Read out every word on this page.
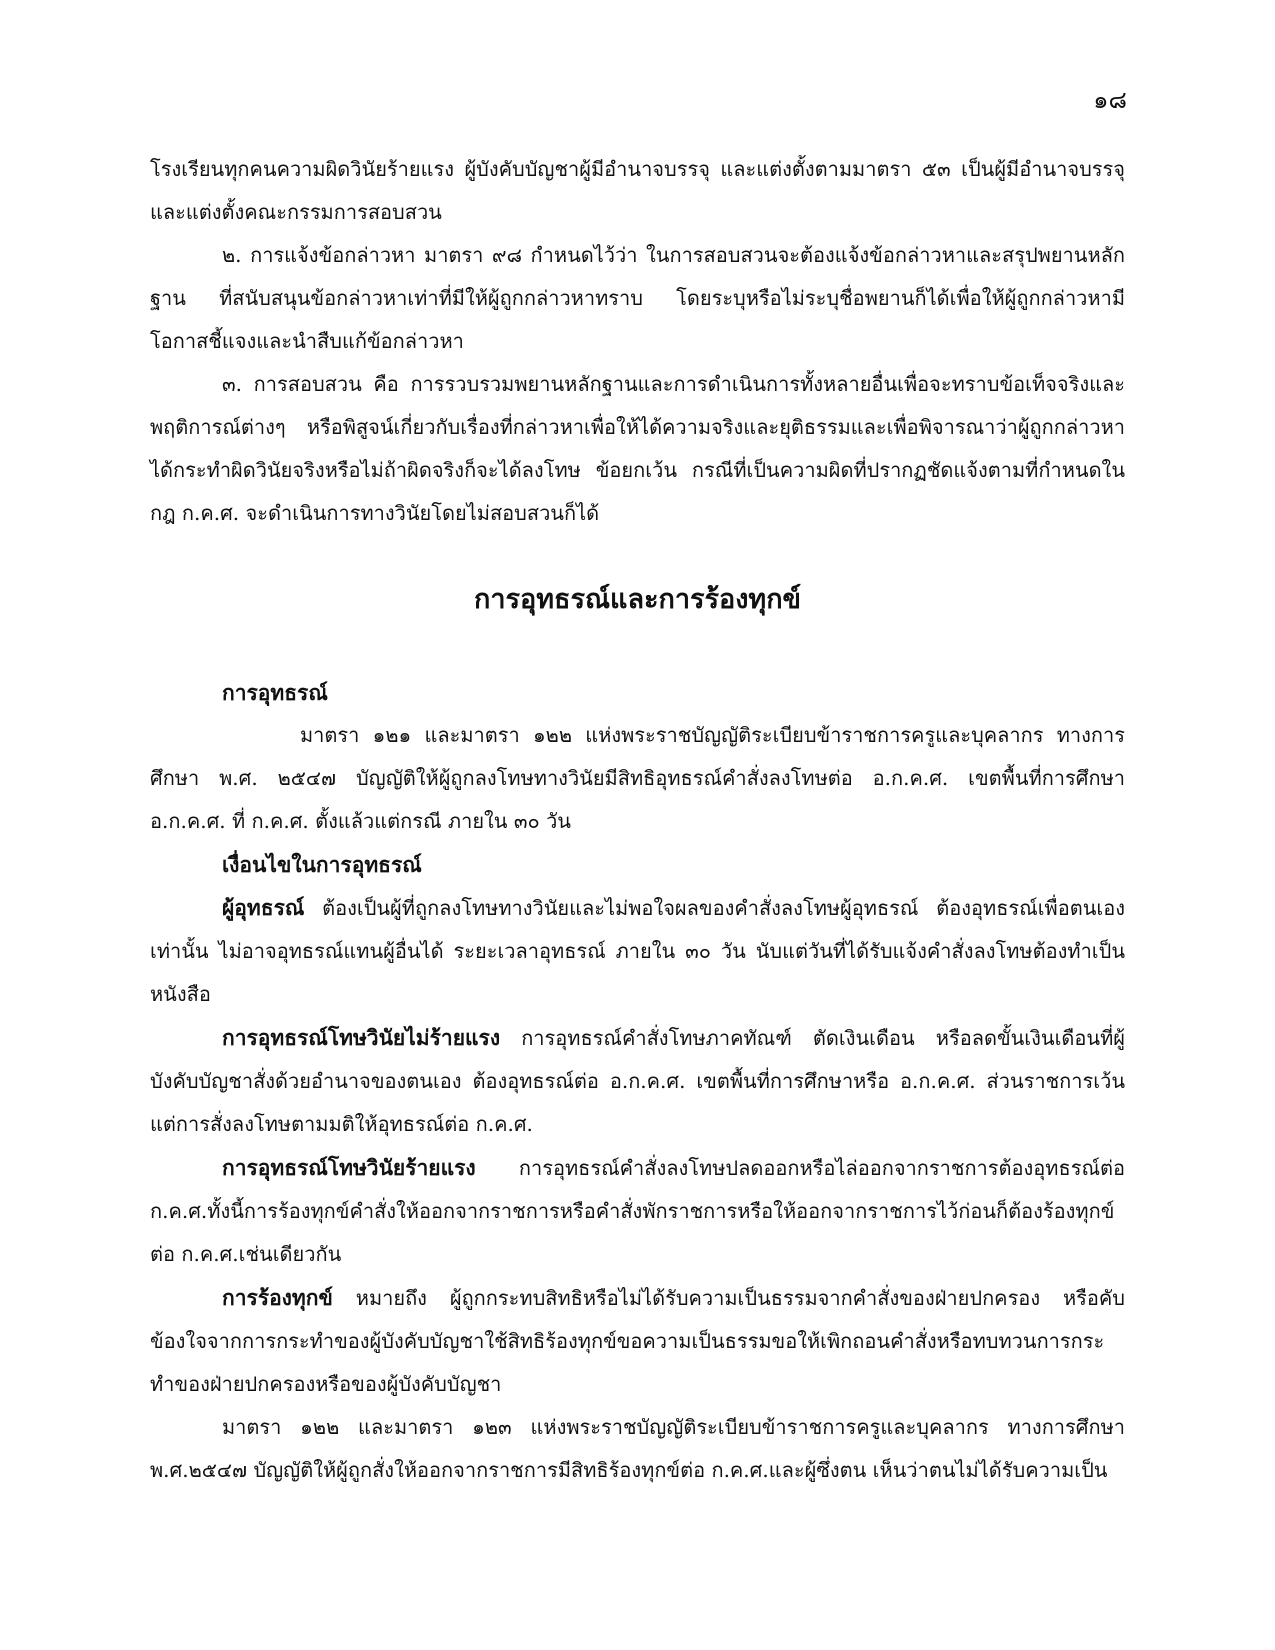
๑๘

โรงเรียนทุกคนความผิดวินัยร้ายแรง ผู้บังคับบัญชาผู้มีอำนาจบรรจุ และแต่งตั้งตามมาตรา ๕๓ เป็นผู้มีอำนาจบรรจุและแต่งตั้งคณะกรรมการสอบสวน

๒. การแจ้งข้อกล่าวหา มาตรา ๙๘ กำหนดไว้ว่า ในการสอบสวนจะต้องแจ้งข้อกล่าวหาและสรุปพยานหลักฐาน ที่สนับสนุนข้อกล่าวหาเท่าที่มีให้ผู้ถูกกล่าวหาทราบ โดยระบุหรือไม่ระบุชื่อพยานก็ได้เพื่อให้ผู้ถูกกล่าวหามีโอกาสชี้แจงและนำสืบแก้ข้อกล่าวหา

๓. การสอบสวน คือ การรวบรวมพยานหลักฐานและการดำเนินการทั้งหลายอื่นเพื่อจะทราบข้อเท็จจริงและพฤติการณ์ต่างๆ หรือพิสูจน์เกี่ยวกับเรื่องที่กล่าวหาเพื่อให้ได้ความจริงและยุติธรรมและเพื่อพิจารณาว่าผู้ถูกกล่าวหาได้กระทำผิดวินัยจริงหรือไม่ถ้าผิดจริงก็จะได้ลงโทษ ข้อยกเว้น กรณีที่เป็นความผิดที่ปรากฏชัดแจ้งตามที่กำหนดในกฎ ก.ค.ศ. จะดำเนินการทางวินัยโดยไม่สอบสวนก็ได้

การอุทธรณ์และการร้องทุกข์
การอุทธรณ์

มาตรา ๑๒๑ และมาตรา ๑๒๒ แห่งพระราชบัญญัติระเบียบข้าราชการครูและบุคลากร ทางการศึกษา พ.ศ. ๒๕๔๗ บัญญัติให้ผู้ถูกลงโทษทางวินัยมีสิทธิอุทธรณ์คำสั่งลงโทษต่อ อ.ก.ค.ศ. เขตพื้นที่การศึกษา อ.ก.ค.ศ. ที่ ก.ค.ศ. ตั้งแล้วแต่กรณี ภายใน ๓๐ วัน

เงื่อนไขในการอุทธรณ์

ผู้อุทธรณ์ ต้องเป็นผู้ที่ถูกลงโทษทางวินัยและไม่พอใจผลของคำสั่งลงโทษผู้อุทธรณ์ ต้องอุทธรณ์เพื่อตนเองเท่านั้น ไม่อาจอุทธรณ์แทนผู้อื่นได้ ระยะเวลาอุทธรณ์ ภายใน ๓๐ วัน นับแต่วันที่ได้รับแจ้งคำสั่งลงโทษต้องทำเป็นหนังสือ

การอุทธรณ์โทษวินัยไม่ร้ายแรง การอุทธรณ์คำสั่งโทษภาคทัณฑ์ ตัดเงินเดือน หรือลดขั้นเงินเดือนที่ผู้บังคับบัญชาสั่งด้วยอำนาจของตนเอง ต้องอุทธรณ์ต่อ อ.ก.ค.ศ. เขตพื้นที่การศึกษาหรือ อ.ก.ค.ศ. ส่วนราชการเว้นแต่การสั่งลงโทษตามมติให้อุทธรณ์ต่อ ก.ค.ศ.

การอุทธรณ์โทษวินัยร้ายแรง การอุทธรณ์คำสั่งลงโทษปลดออกหรือไล่ออกจากราชการต้องอุทธรณ์ต่อ ก.ค.ศ.ทั้งนี้การร้องทุกข์คำสั่งให้ออกจากราชการหรือคำสั่งพักราชการหรือให้ออกจากราชการไว้ก่อนก็ต้องร้องทุกข์ต่อ ก.ค.ศ.เช่นเดียวกัน

การร้องทุกข์ หมายถึง ผู้ถูกกระทบสิทธิหรือไม่ได้รับความเป็นธรรมจากคำสั่งของฝ่ายปกครอง หรือคับข้องใจจากการกระทำของผู้บังคับบัญชาใช้สิทธิร้องทุกข์ขอความเป็นธรรมขอให้เพิกถอนคำสั่งหรือทบทวนการกระทำของฝ่ายปกครองหรือของผู้บังคับบัญชา

มาตรา ๑๒๒ และมาตรา ๑๒๓ แห่งพระราชบัญญัติระเบียบข้าราชการครูและบุคลากร ทางการศึกษา พ.ศ.๒๕๔๗ บัญญัติให้ผู้ถูกสั่งให้ออกจากราชการมีสิทธิร้องทุกข์ต่อ ก.ค.ศ.และผู้ซึ่งตน เห็นว่าตนไม่ได้รับความเป็น
